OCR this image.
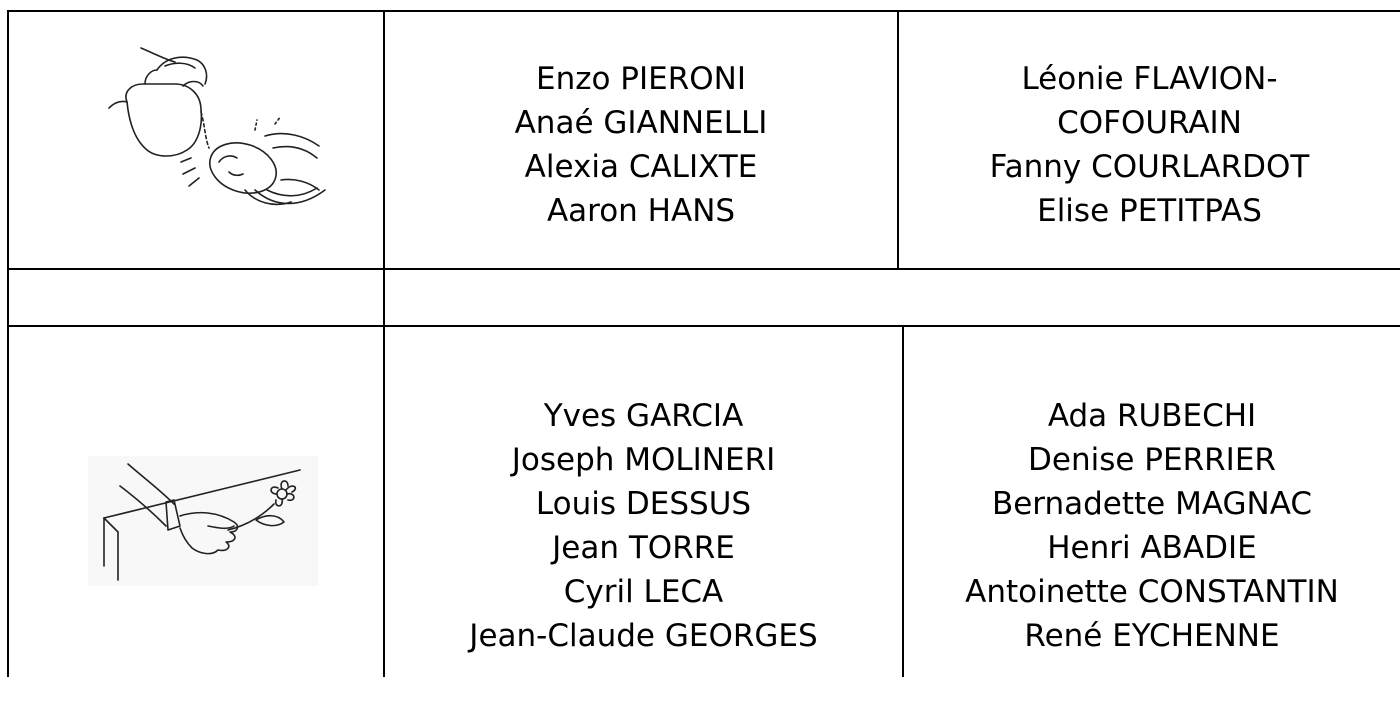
Enzo PIERONI
Anaé GIANNELLI
Alexia CALIXTE
Aaron HANS
Léonie FLAVION-
COFOURAIN
Fanny COURLARDOT
Elise PETITPAS
Yves GARCIA
Joseph MOLINERI
Louis DESSUS
Jean TORRE
Cyril LECA
Jean-Claude GEORGES
Ada RUBECHI
Denise PERRIER
Bernadette MAGNAC
Henri ABADIE
Antoinette CONSTANTIN
René EYCHENNE
